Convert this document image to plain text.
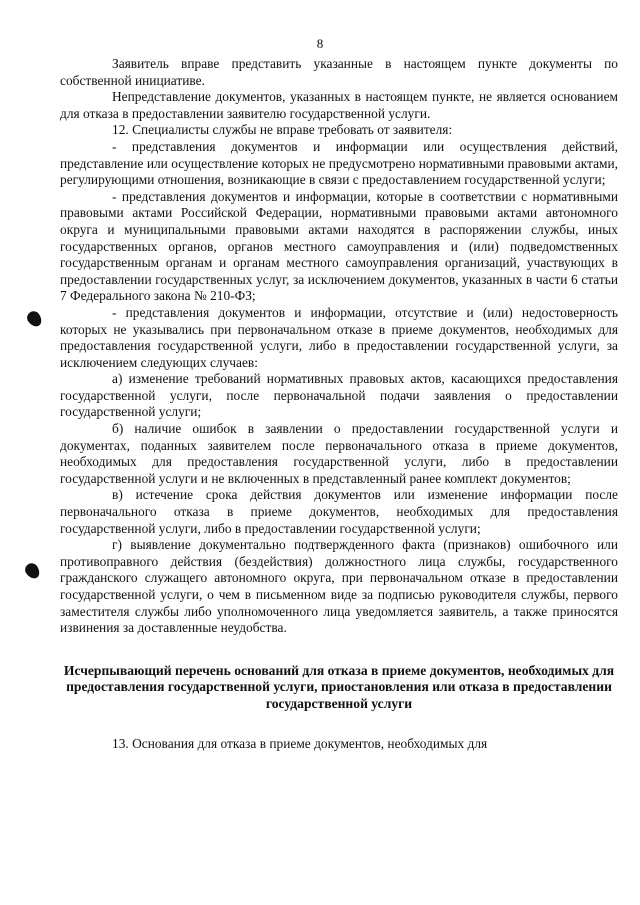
8

Заявитель вправе представить указанные в настоящем пункте документы по собственной инициативе.

Непредставление документов, указанных в настоящем пункте, не является основанием для отказа в предоставлении заявителю государственной услуги.

12. Специалисты службы не вправе требовать от заявителя:

- представления документов и информации или осуществления действий, представление или осуществление которых не предусмотрено нормативными правовыми актами, регулирующими отношения, возникающие в связи с предоставлением государственной услуги;

- представления документов и информации, которые в соответствии с нормативными правовыми актами Российской Федерации, нормативными правовыми актами автономного округа и муниципальными правовыми актами находятся в распоряжении службы, иных государственных органов, органов местного самоуправления и (или) подведомственных государственным органам и органам местного самоуправления организаций, участвующих в предоставлении государственных услуг, за исключением документов, указанных в части 6 статьи 7 Федерального закона № 210-ФЗ;

- представления документов и информации, отсутствие и (или) недостоверность которых не указывались при первоначальном отказе в приеме документов, необходимых для предоставления государственной услуги, либо в предоставлении государственной услуги, за исключением следующих случаев:

а) изменение требований нормативных правовых актов, касающихся предоставления государственной услуги, после первоначальной подачи заявления о предоставлении государственной услуги;

б) наличие ошибок в заявлении о предоставлении государственной услуги и документах, поданных заявителем после первоначального отказа в приеме документов, необходимых для предоставления государственной услуги, либо в предоставлении государственной услуги и не включенных в представленный ранее комплект документов;

в) истечение срока действия документов или изменение информации после первоначального отказа в приеме документов, необходимых для предоставления государственной услуги, либо в предоставлении государственной услуги;

г) выявление документально подтвержденного факта (признаков) ошибочного или противоправного действия (бездействия) должностного лица службы, государственного гражданского служащего автономного округа, при первоначальном отказе в предоставлении государственной услуги, о чем в письменном виде за подписью руководителя службы, первого заместителя службы либо уполномоченного лица уведомляется заявитель, а также приносятся извинения за доставленные неудобства.

Исчерпывающий перечень оснований для отказа в приеме документов, необходимых для предоставления государственной услуги, приостановления или отказа в предоставлении государственной услуги

13. Основания для отказа в приеме документов, необходимых для
